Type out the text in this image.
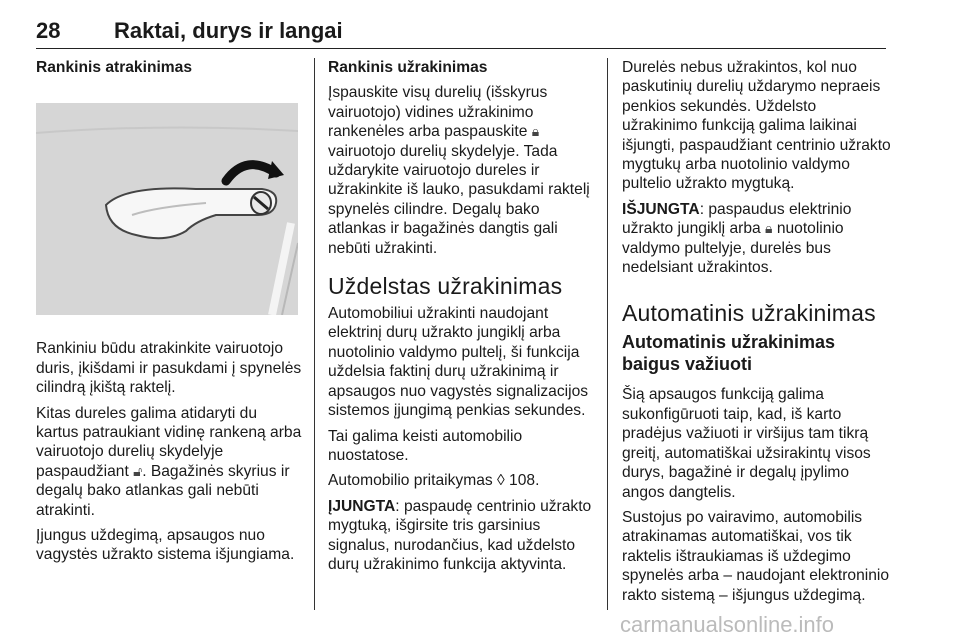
28 Raktai, durys ir langai

Rankinis atrakinimas

Rankiniu būdu atrakinkite vairuotojo duris, įkišdami ir pasukdami į spynelės cilindrą įkištą raktelį.

Kitas dureles galima atidaryti du kartus patraukiant vidinę rankeną arba vairuotojo durelių skydelyje paspaudžiant 🔓︎. Bagažinės skyrius ir degalų bako atlankas gali nebūti atrakinti.

Įjungus uždegimą, apsaugos nuo vagystės užrakto sistema išjungiama.

Rankinis užrakinimas

Įspauskite visų durelių (išskyrus vairuotojo) vidines užrakinimo rankenėles arba paspauskite 🔒︎ vairuotojo durelių skydelyje. Tada uždarykite vairuotojo dureles ir užrakinkite iš lauko, pasukdami raktelį spynelės cilindre. Degalų bako atlankas ir bagažinės dangtis gali nebūti užrakinti.

Uždelstas užrakinimas

Automobiliui užrakinti naudojant elektrinį durų užrakto jungiklį arba nuotolinio valdymo pultelį, ši funkcija uždelsia faktinį durų užrakinimą ir apsaugos nuo vagystės signalizacijos sistemos įjungimą penkias sekundes.

Tai galima keisti automobilio nuostatose.

Automobilio pritaikymas ◊ 108.

ĮJUNGTA: paspaudę centrinio užrakto mygtuką, išgirsite tris garsinius signalus, nurodančius, kad uždelsto durų užrakinimo funkcija aktyvinta.

Durelės nebus užrakintos, kol nuo paskutinių durelių uždarymo nepraeis penkios sekundės. Uždelsto užrakinimo funkciją galima laikinai išjungti, paspaudžiant centrinio užrakto mygtukų arba nuotolinio valdymo pultelio užrakto mygtuką.

IŠJUNGTA: paspaudus elektrinio užrakto jungiklį arba 🔒︎ nuotolinio valdymo pultelyje, durelės bus nedelsiant užrakintos.

Automatinis užrakinimas
Automatinis užrakinimas baigus važiuoti

Šią apsaugos funkciją galima sukonfigūruoti taip, kad, iš karto pradėjus važiuoti ir viršijus tam tikrą greitį, automatiškai užsirakintų visos durys, bagažinė ir degalų įpylimo angos dangtelis.

Sustojus po vairavimo, automobilis atrakinamas automatiškai, vos tik raktelis ištraukiamas iš uždegimo spynelės arba – naudojant elektroninio rakto sistemą – išjungus uždegimą.

carmanualsonline.info
